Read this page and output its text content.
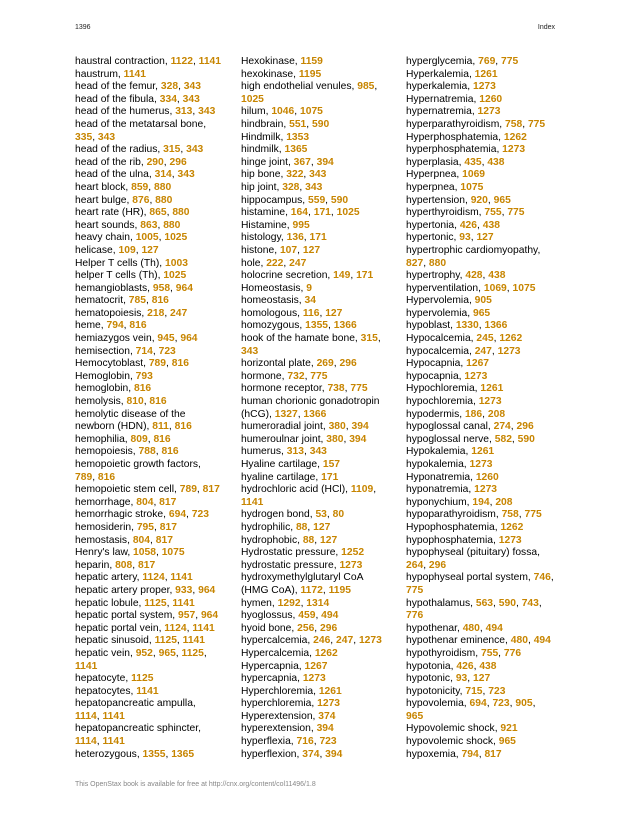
1396	Index
haustral contraction, 1122, 1141
haustrum, 1141
head of the femur, 328, 343
head of the fibula, 334, 343
head of the humerus, 313, 343
head of the metatarsal bone,
335, 343
head of the radius, 315, 343
head of the rib, 290, 296
head of the ulna, 314, 343
heart block, 859, 880
heart bulge, 876, 880
heart rate (HR), 865, 880
heart sounds, 863, 880
heavy chain, 1005, 1025
helicase, 109, 127
Helper T cells (Th), 1003
helper T cells (Th), 1025
hemangioblasts, 958, 964
hematocrit, 785, 816
hematopoiesis, 218, 247
heme, 794, 816
hemiazygos vein, 945, 964
hemisection, 714, 723
Hemocytoblast, 789, 816
Hemoglobin, 793
hemoglobin, 816
hemolysis, 810, 816
hemolytic disease of the
newborn (HDN), 811, 816
hemophilia, 809, 816
hemopoiesis, 788, 816
hemopoietic growth factors,
789, 816
hemopoietic stem cell, 789, 817
hemorrhage, 804, 817
hemorrhagic stroke, 694, 723
hemosiderin, 795, 817
hemostasis, 804, 817
Henry's law, 1058, 1075
heparin, 808, 817
hepatic artery, 1124, 1141
hepatic artery proper, 933, 964
hepatic lobule, 1125, 1141
hepatic portal system, 957, 964
hepatic portal vein, 1124, 1141
hepatic sinusoid, 1125, 1141
hepatic vein, 952, 965, 1125,
1141
hepatocyte, 1125
hepatocytes, 1141
hepatopancreatic ampulla,
1114, 1141
hepatopancreatic sphincter,
1114, 1141
heterozygous, 1355, 1365
Hexokinase, 1159
hexokinase, 1195
high endothelial venules, 985,
1025
hilum, 1046, 1075
hindbrain, 551, 590
Hindmilk, 1353
hindmilk, 1365
hinge joint, 367, 394
hip bone, 322, 343
hip joint, 328, 343
hippocampus, 559, 590
histamine, 164, 171, 1025
Histamine, 995
histology, 136, 171
histone, 107, 127
hole, 222, 247
holocrine secretion, 149, 171
Homeostasis, 9
homeostasis, 34
homologous, 116, 127
homozygous, 1355, 1366
hook of the hamate bone, 315,
343
horizontal plate, 269, 296
hormone, 732, 775
hormone receptor, 738, 775
human chorionic gonadotropin
(hCG), 1327, 1366
humeroradial joint, 380, 394
humeroulnar joint, 380, 394
humerus, 313, 343
Hyaline cartilage, 157
hyaline cartilage, 171
hydrochloric acid (HCl), 1109,
1141
hydrogen bond, 53, 80
hydrophilic, 88, 127
hydrophobic, 88, 127
Hydrostatic pressure, 1252
hydrostatic pressure, 1273
hydroxymethylglutaryl CoA
(HMG CoA), 1172, 1195
hymen, 1292, 1314
hyoglossus, 459, 494
hyoid bone, 256, 296
hypercalcemia, 246, 247, 1273
Hypercalcemia, 1262
Hypercapnia, 1267
hypercapnia, 1273
Hyperchloremia, 1261
hyperchloremia, 1273
Hyperextension, 374
hyperextension, 394
hyperflexia, 716, 723
hyperflexion, 374, 394
hyperglycemia, 769, 775
Hyperkalemia, 1261
hyperkalemia, 1273
Hypernatremia, 1260
hypernatremia, 1273
hyperparathyroidism, 758, 775
Hyperphosphatemia, 1262
hyperphosphatemia, 1273
hyperplasia, 435, 438
Hyperpnea, 1069
hyperpnea, 1075
hypertension, 920, 965
hyperthyroidism, 755, 775
hypertonia, 426, 438
hypertonic, 93, 127
hypertrophic cardiomyopathy,
827, 880
hypertrophy, 428, 438
hyperventilation, 1069, 1075
Hypervolemia, 905
hypervolemia, 965
hypoblast, 1330, 1366
Hypocalcemia, 245, 1262
hypocalcemia, 247, 1273
Hypocapnia, 1267
hypocapnia, 1273
Hypochloremia, 1261
hypochloremia, 1273
hypodermis, 186, 208
hypoglossal canal, 274, 296
hypoglossal nerve, 582, 590
Hypokalemia, 1261
hypokalemia, 1273
Hyponatremia, 1260
hyponatremia, 1273
hyponychium, 194, 208
hypoparathyroidism, 758, 775
Hypophosphatemia, 1262
hypophosphatemia, 1273
hypophyseal (pituitary) fossa,
264, 296
hypophyseal portal system, 746,
775
hypothalamus, 563, 590, 743,
776
hypothenar, 480, 494
hypothenar eminence, 480, 494
hypothyroidism, 755, 776
hypotonia, 426, 438
hypotonic, 93, 127
hypotonicity, 715, 723
hypovolemia, 694, 723, 905,
965
Hypovolemic shock, 921
hypovolemic shock, 965
hypoxemia, 794, 817
This OpenStax book is available for free at http://cnx.org/content/col11496/1.8
